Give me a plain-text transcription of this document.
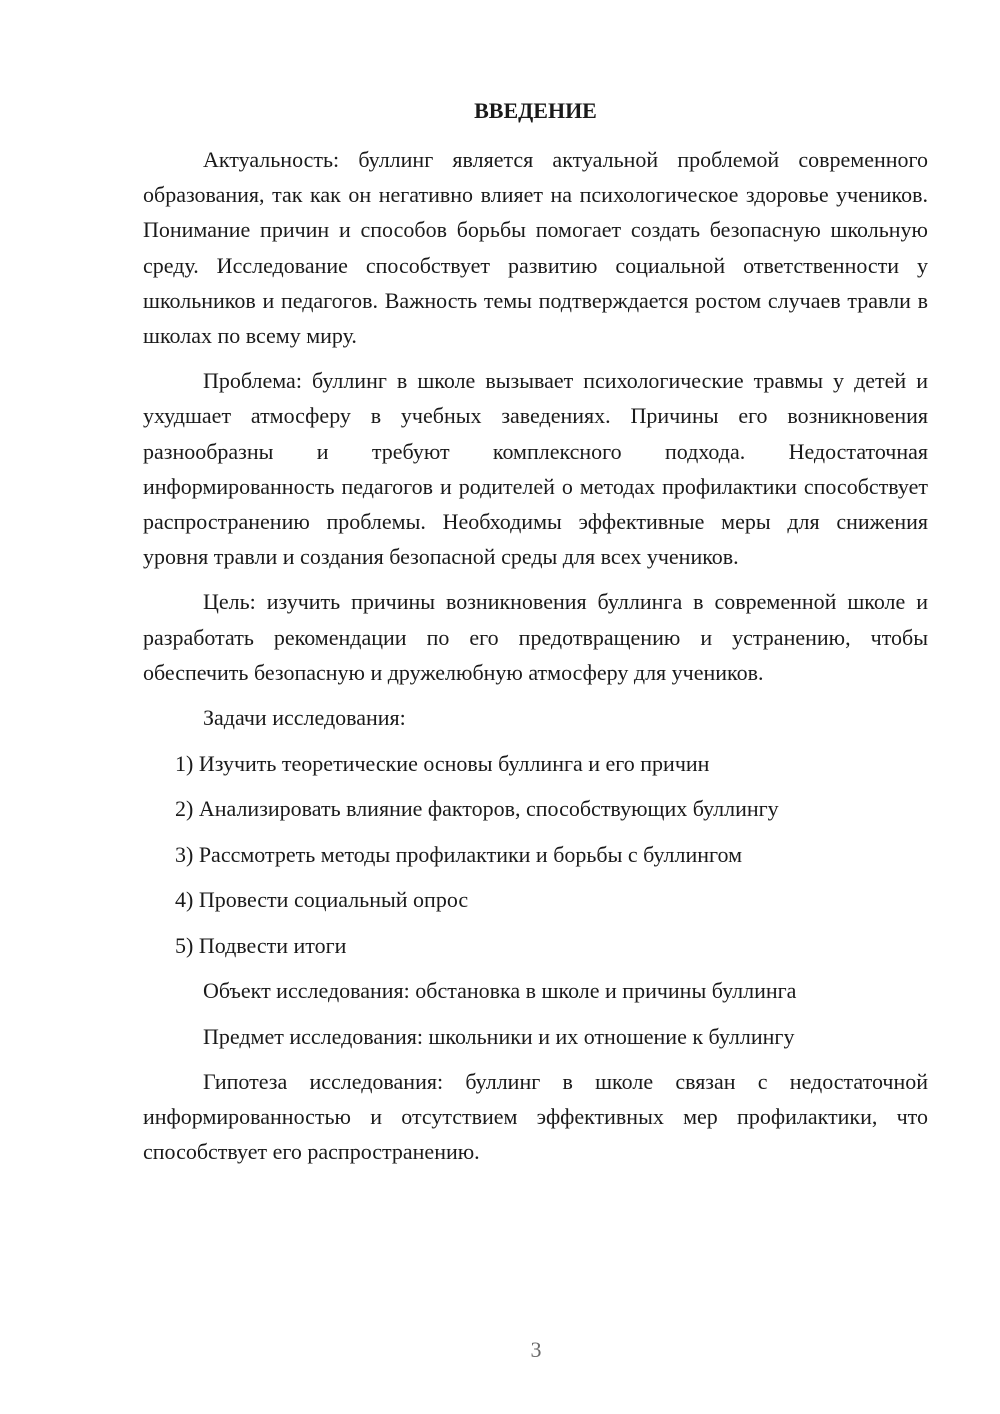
ВВЕДЕНИЕ

Актуальность: буллинг является актуальной проблемой современного образования, так как он негативно влияет на психологическое здоровье учеников. Понимание причин и способов борьбы помогает создать безопасную школьную среду. Исследование способствует развитию социальной ответственности у школьников и педагогов. Важность темы подтверждается ростом случаев травли в школах по всему миру.

Проблема: буллинг в школе вызывает психологические травмы у детей и ухудшает атмосферу в учебных заведениях. Причины его возникновения разнообразны и требуют комплексного подхода. Недостаточная информированность педагогов и родителей о методах профилактики способствует распространению проблемы. Необходимы эффективные меры для снижения уровня травли и создания безопасной среды для всех учеников.

Цель: изучить причины возникновения буллинга в современной школе и разработать рекомендации по его предотвращению и устранению, чтобы обеспечить безопасную и дружелюбную атмосферу для учеников.

Задачи исследования:
1) Изучить теоретические основы буллинга и его причин
2) Анализировать влияние факторов, способствующих буллингу
3) Рассмотреть методы профилактики и борьбы с буллингом
4) Провести социальный опрос
5) Подвести итоги
Объект исследования: обстановка в школе и причины буллинга
Предмет исследования: школьники и их отношение к буллингу

Гипотеза исследования: буллинг в школе связан с недостаточной информированностью и отсутствием эффективных мер профилактики, что способствует его распространению.

3
